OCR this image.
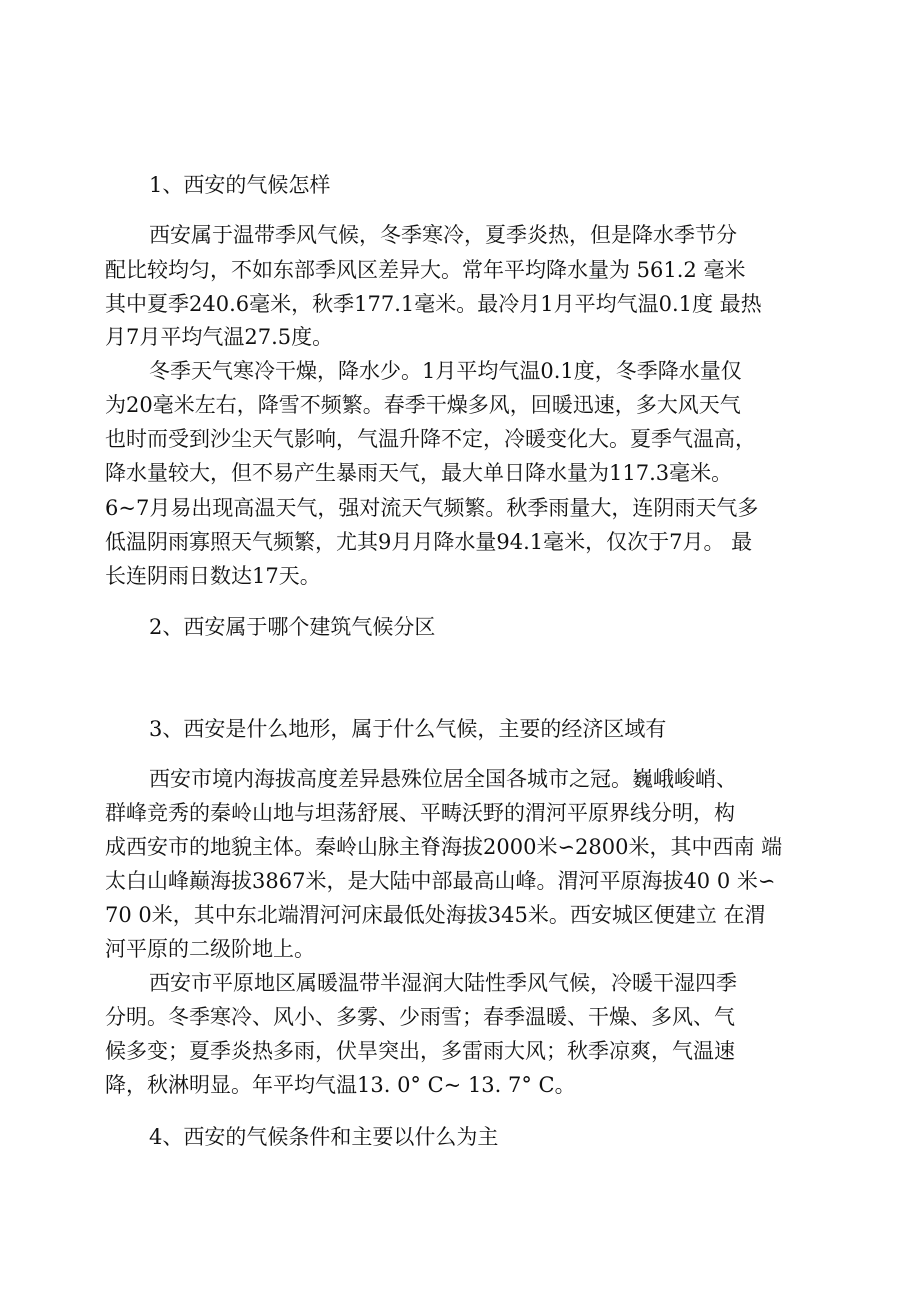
1、西安的气候怎样
西安属于温带季风气候，冬季寒冷，夏季炎热，但是降水季节分
配比较均匀，不如东部季风区差异大。常年平均降水量为 561.2 毫米
其中夏季240.6毫米，秋季177.1毫米。最冷月1月平均气温0.1度 最热
月7月平均气温27.5度。
冬季天气寒冷干燥，降水少。1月平均气温0.1度，冬季降水量仅
为20毫米左右，降雪不频繁。春季干燥多风，回暖迅速，多大风天气
也时而受到沙尘天气影响，气温升降不定，冷暖变化大。夏季气温高，
降水量较大，但不易产生暴雨天气，最大单日降水量为117.3毫米。
6~7月易出现高温天气，强对流天气频繁。秋季雨量大，连阴雨天气多
低温阴雨寡照天气频繁，尤其9月月降水量94.1毫米，仅次于7月。 最
长连阴雨日数达17天。
2、西安属于哪个建筑气候分区
3、西安是什么地形，属于什么气候，主要的经济区域有
西安市境内海拔高度差异悬殊位居全国各城市之冠。巍峨峻峭、
群峰竞秀的秦岭山地与坦荡舒展、平畴沃野的渭河平原界线分明，构
成西安市的地貌主体。秦岭山脉主脊海拔2000米∽2800米，其中西南 端
太白山峰巅海拔3867米，是大陆中部最高山峰。渭河平原海拔40 0 米∽
70 0米，其中东北端渭河河床最低处海拔345米。西安城区便建立 在渭
河平原的二级阶地上。
西安市平原地区属暖温带半湿润大陆性季风气候，冷暖干湿四季
分明。冬季寒冷、风小、多雾、少雨雪；春季温暖、干燥、多风、气
候多变；夏季炎热多雨，伏旱突出，多雷雨大风；秋季凉爽，气温速
降，秋淋明显。年平均气温13. 0° C~ 13. 7° C。
4、西安的气候条件和主要以什么为主
